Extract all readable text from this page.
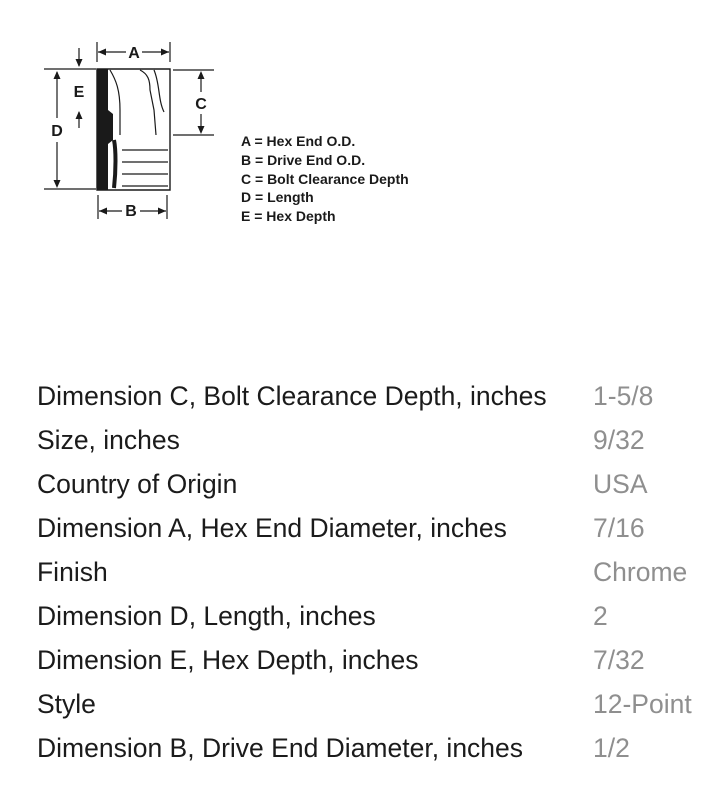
A
B
C
D
E
A = Hex End O.D.
B = Drive End O.D.
C = Bolt Clearance Depth
D = Length
E = Hex Depth
Dimension C, Bolt Clearance Depth, inches	1-5/8
Size, inches	9/32
Country of Origin	USA
Dimension A, Hex End Diameter, inches	7/16
Finish	Chrome
Dimension D, Length, inches	2
Dimension E, Hex Depth, inches	7/32
Style	12-Point
Dimension B, Drive End Diameter, inches	1/2
